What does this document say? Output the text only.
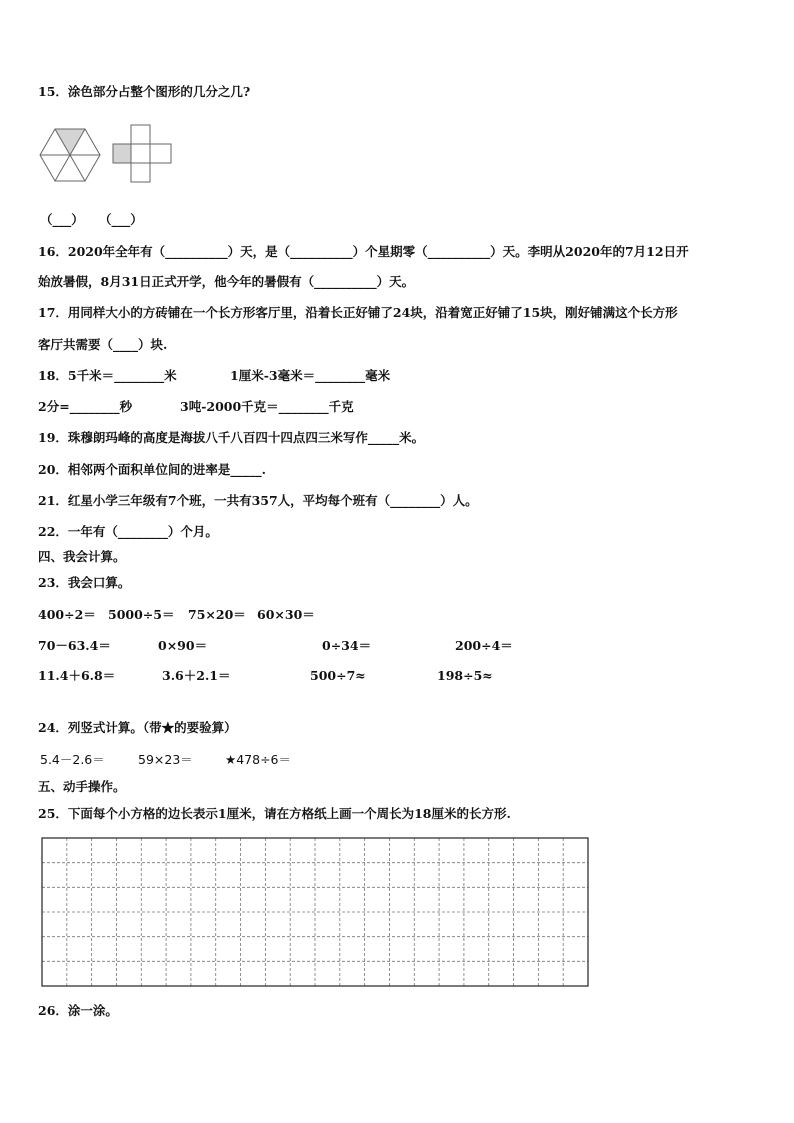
15．涂色部分占整个图形的几分之几?
（___） （___）
16．2020年全年有（__________）天，是（__________）个星期零（__________）天。李明从2020年的7月12日开
始放暑假，8月31日正式开学，他今年的暑假有（__________）天。
17．用同样大小的方砖铺在一个长方形客厅里，沿着长正好铺了24块，沿着宽正好铺了15块，刚好铺满这个长方形
客厅共需要（____）块.
18．5千米＝________米	1厘米-3毫米＝________毫米
2分=________秒	3吨-2000千克＝________千克
19．珠穆朗玛峰的高度是海拔八千八百四十四点四三米写作_____米。
20．相邻两个面积单位间的进率是_____.
21．红星小学三年级有7个班，一共有357人，平均每个班有（________）人。
22．一年有（________）个月。
四、我会计算。
23．我会口算。
400÷2＝ 5000÷5＝ 75×20＝ 60×30＝
70－63.4＝	0×90＝	0÷34＝	200÷4＝
11.4＋6.8＝	3.6＋2.1＝	500÷7≈	198÷5≈
24．列竖式计算。（带★的要验算）
5.4－2.6＝	59×23＝	★478÷6＝
五、动手操作。
25．下面每个小方格的边长表示1厘米，请在方格纸上画一个周长为18厘米的长方形.
26．涂一涂。
